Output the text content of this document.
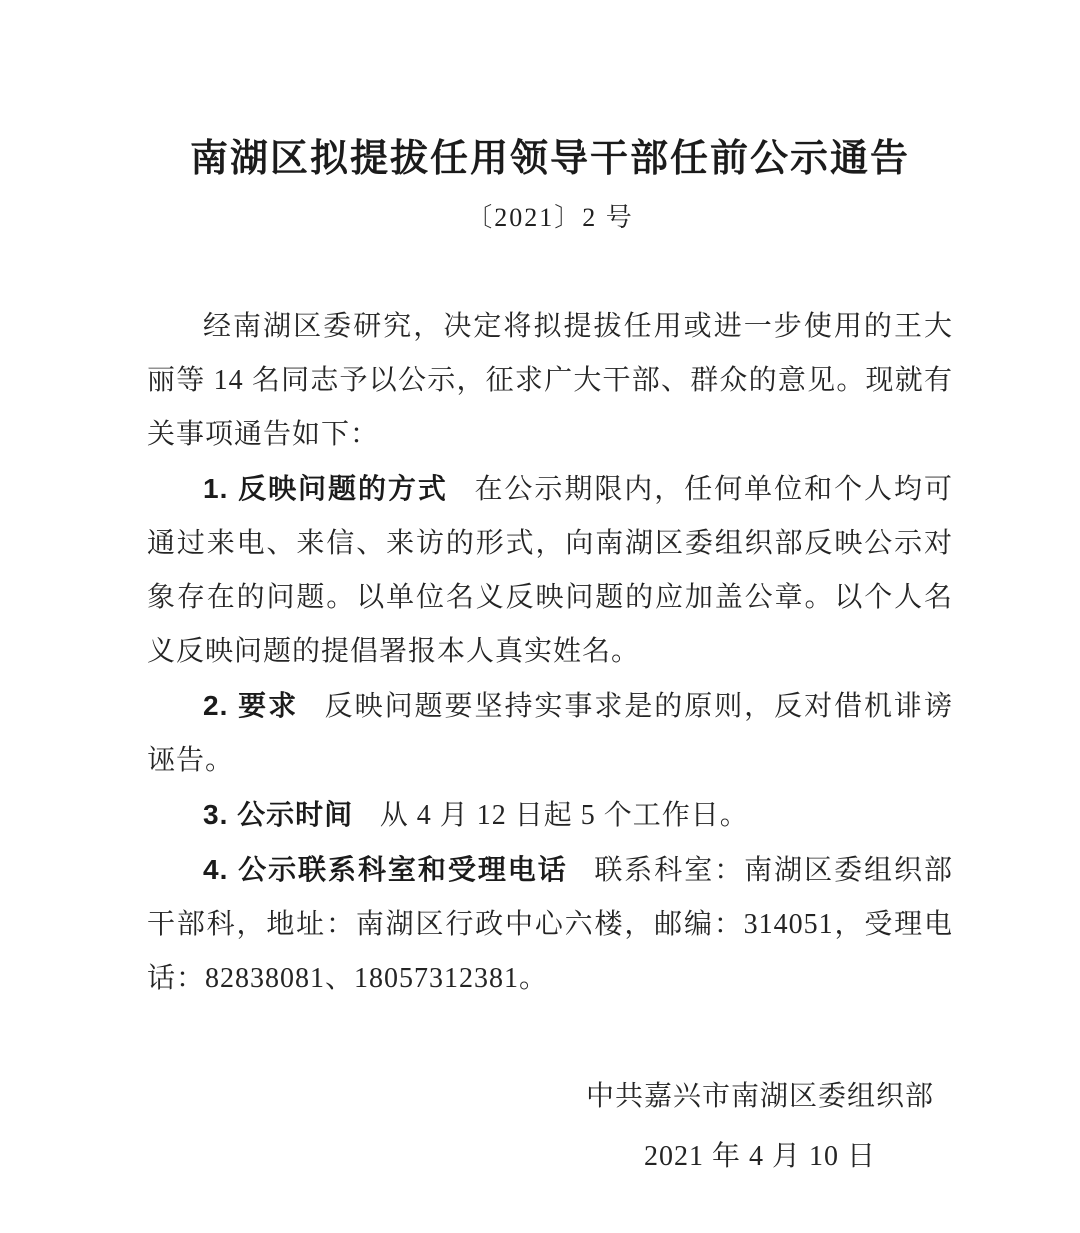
南湖区拟提拔任用领导干部任前公示通告
〔2021〕2 号

经南湖区委研究，决定将拟提拔任用或进一步使用的王大丽等 14 名同志予以公示，征求广大干部、群众的意见。现就有关事项通告如下：

1. 反映问题的方式 在公示期限内，任何单位和个人均可通过来电、来信、来访的形式，向南湖区委组织部反映公示对象存在的问题。以单位名义反映问题的应加盖公章。以个人名义反映问题的提倡署报本人真实姓名。

2. 要求 反映问题要坚持实事求是的原则，反对借机诽谤诬告。

3. 公示时间 从 4 月 12 日起 5 个工作日。

4. 公示联系科室和受理电话 联系科室：南湖区委组织部干部科，地址：南湖区行政中心六楼，邮编：314051，受理电话：82838081、18057312381。

中共嘉兴市南湖区委组织部
2021 年 4 月 10 日
